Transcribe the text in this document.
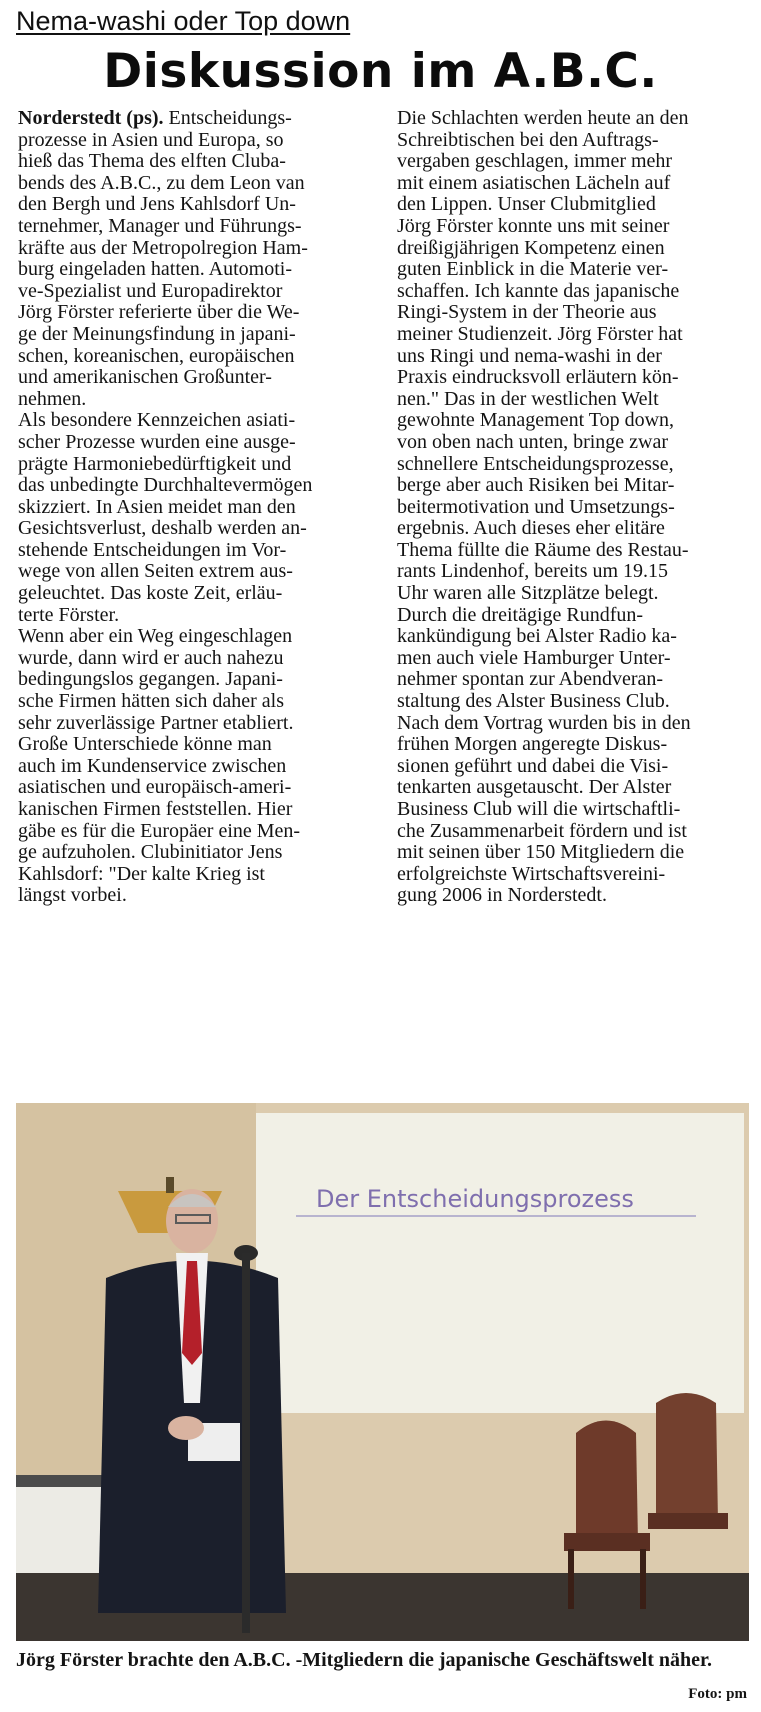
Nema-washi oder Top down
Diskussion im A.B.C.
Norderstedt (ps). Entscheidungs-
prozesse in Asien und Europa, so
hieß das Thema des elften Cluba-
bends des A.B.C., zu dem Leon van
den Bergh und Jens Kahlsdorf Un-
ternehmer, Manager und Führungs-
kräfte aus der Metropolregion Ham-
burg eingeladen hatten. Automoti-
ve-Spezialist und Europadirektor
Jörg Förster referierte über die We-
ge der Meinungsfindung in japani-
schen, koreanischen, europäischen
und amerikanischen Großunter-
nehmen.
Als besondere Kennzeichen asiati-
scher Prozesse wurden eine ausge-
prägte Harmoniebedürftigkeit und
das unbedingte Durchhaltevermögen
skizziert. In Asien meidet man den
Gesichtsverlust, deshalb werden an-
stehende Entscheidungen im Vor-
wege von allen Seiten extrem aus-
geleuchtet. Das koste Zeit, erläu-
terte Förster.
Wenn aber ein Weg eingeschlagen
wurde, dann wird er auch nahezu
bedingungslos gegangen. Japani-
sche Firmen hätten sich daher als
sehr zuverlässige Partner etabliert.
Große Unterschiede könne man
auch im Kundenservice zwischen
asiatischen und europäisch-ameri-
kanischen Firmen feststellen. Hier
gäbe es für die Europäer eine Men-
ge aufzuholen. Clubinitiator Jens
Kahlsdorf: "Der kalte Krieg ist
längst vorbei.
Die Schlachten werden heute an den
Schreibtischen bei den Auftrags-
vergaben geschlagen, immer mehr
mit einem asiatischen Lächeln auf
den Lippen. Unser Clubmitglied
Jörg Förster konnte uns mit seiner
dreißigjährigen Kompetenz einen
guten Einblick in die Materie ver-
schaffen. Ich kannte das japanische
Ringi-System in der Theorie aus
meiner Studienzeit. Jörg Förster hat
uns Ringi und nema-washi in der
Praxis eindrucksvoll erläutern kön-
nen." Das in der westlichen Welt
gewohnte Management Top down,
von oben nach unten, bringe zwar
schnellere Entscheidungsprozesse,
berge aber auch Risiken bei Mitar-
beitermotivation und Umsetzungs-
ergebnis. Auch dieses eher elitäre
Thema füllte die Räume des Restau-
rants Lindenhof, bereits um 19.15
Uhr waren alle Sitzplätze belegt.
Durch die dreitägige Rundfun-
kankündigung bei Alster Radio ka-
men auch viele Hamburger Unter-
nehmer spontan zur Abendveran-
staltung des Alster Business Club.
Nach dem Vortrag wurden bis in den
frühen Morgen angeregte Diskus-
sionen geführt und dabei die Visi-
tenkarten ausgetauscht. Der Alster
Business Club will die wirtschaftli-
che Zusammenarbeit fördern und ist
mit seinen über 150 Mitgliedern die
erfolgreichste Wirtschaftsvereini-
gung 2006 in Norderstedt.
Der Entscheidungsprozess
Jörg Förster brachte den A.B.C. -Mitgliedern die japanische Geschäftswelt näher.
Foto: pm
